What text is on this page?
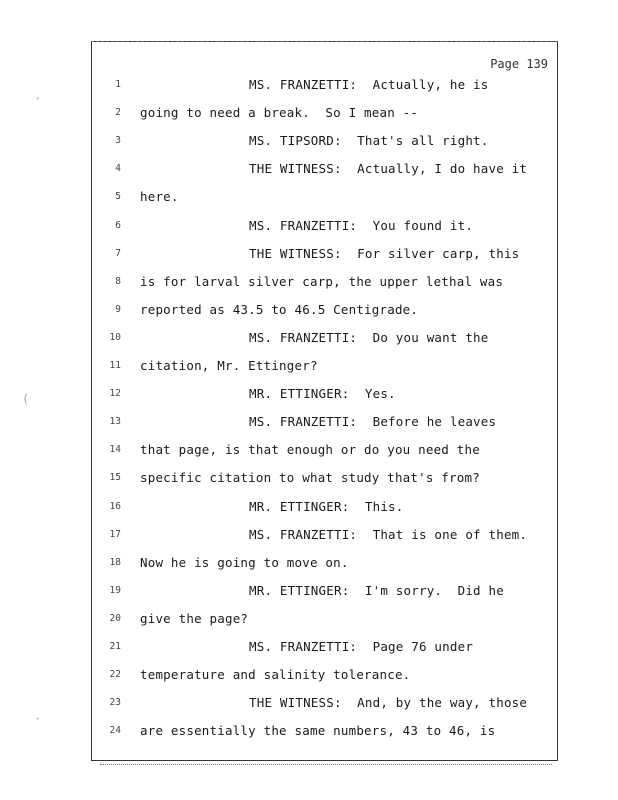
·
(
·
Page 139
1	MS. FRANZETTI:  Actually, he is
2 going to need a break.  So I mean --
3	MS. TIPSORD:  That's all right.
4	THE WITNESS:  Actually, I do have it
5 here.
6	MS. FRANZETTI:  You found it.
7	THE WITNESS:  For silver carp, this
8 is for larval silver carp, the upper lethal was
9 reported as 43.5 to 46.5 Centigrade.
10	MS. FRANZETTI:  Do you want the
11 citation, Mr. Ettinger?
12	MR. ETTINGER:  Yes.
13	MS. FRANZETTI:  Before he leaves
14 that page, is that enough or do you need the
15 specific citation to what study that's from?
16	MR. ETTINGER:  This.
17	MS. FRANZETTI:  That is one of them.
18 Now he is going to move on.
19	MR. ETTINGER:  I'm sorry.  Did he
20 give the page?
21	MS. FRANZETTI:  Page 76 under
22 temperature and salinity tolerance.
23	THE WITNESS:  And, by the way, those
24 are essentially the same numbers, 43 to 46, is
